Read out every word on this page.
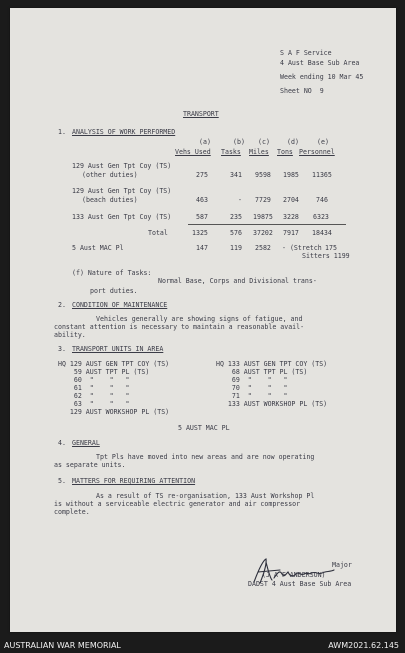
S A F Service
4 Aust Base Sub Area
Week ending 10 Mar 45
Sheet NO  9
TRANSPORT
1. ANALYSIS OF WORK PERFORMED
(a)	(b) (c)	(d)	(e)
Vehs Used Tasks Miles Tons Personnel
129 Aust Gen Tpt Coy (TS)
(other duties)	275	341 9598 1985 11365
129 Aust Gen Tpt Coy (TS)
(beach duties)	463	- 7729 2704	746
133 Aust Gen Tpt Coy (TS)	587	235 19875 3228 6323
Total	1325	576 37202 7917 18434
5 Aust MAC Pl	147	119 2582 - (Stretch 175
Sitters 1199
(f) Nature of Tasks:
Normal Base, Corps and Divisional trans-
port duties.
2. CONDITION OF MAINTENANCE
Vehicles generally are showing signs of fatigue, and
constant attention is necessary to maintain a reasonable avail-
ability.
3. TRANSPORT UNITS IN AREA
HQ 129 AUST GEN TPT COY (TS)
59 AUST TPT PL (TS)
60  "    "   "
61  "    "   "
62  "    "   "
63  "    "   "
129 AUST WORKSHOP PL (TS)
HQ 133 AUST GEN TPT COY (TS)
68 AUST TPT PL (TS)
69  "    "   "
70  "    "   "
71  "    "   "
133 AUST WORKSHOP PL (TS)
5 AUST MAC PL
4. GENERAL
Tpt Pls have moved into new areas and are now operating
as separate units.
5. MATTERS FOR REQUIRING ATTENTION
As a result of TS re-organisation, 133 Aust Workshop Pl
is without a serviceable electric generator and air compressor
complete.
Major
(J A F ANDERSON)
DADST 4 Aust Base Sub Area
AUSTRALIAN WAR MEMORIAL	AWM2021.62.145
